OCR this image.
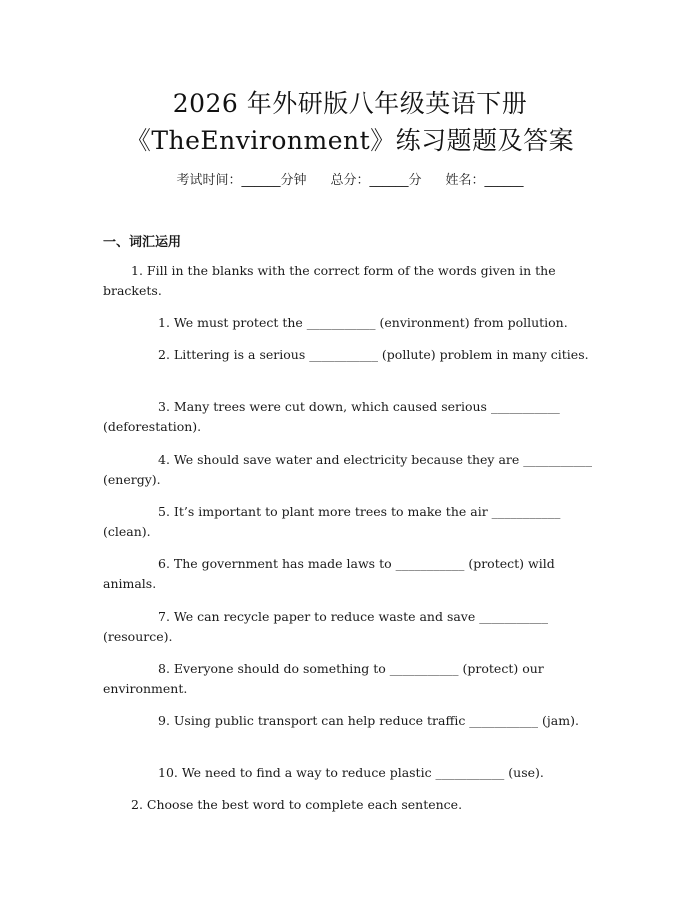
2026 年外研版八年级英语下册
《TheEnvironment》练习题题及答案
考试时间：______分钟 总分：______分 姓名：______
一、词汇运用
1. Fill in the blanks with the correct form of the words given in the brackets.
1. We must protect the ___________ (environment) from pollution.
2. Littering is a serious ___________ (pollute) problem in many cities.
3. Many trees were cut down, which caused serious ___________ (deforestation).
4. We should save water and electricity because they are ___________ (energy).
5. It’s important to plant more trees to make the air ___________ (clean).
6. The government has made laws to ___________ (protect) wild animals.
7. We can recycle paper to reduce waste and save ___________ (resource).
8. Everyone should do something to ___________ (protect) our environment.
9. Using public transport can help reduce traffic ___________ (jam).
10. We need to find a way to reduce plastic ___________ (use).
2. Choose the best word to complete each sentence.
